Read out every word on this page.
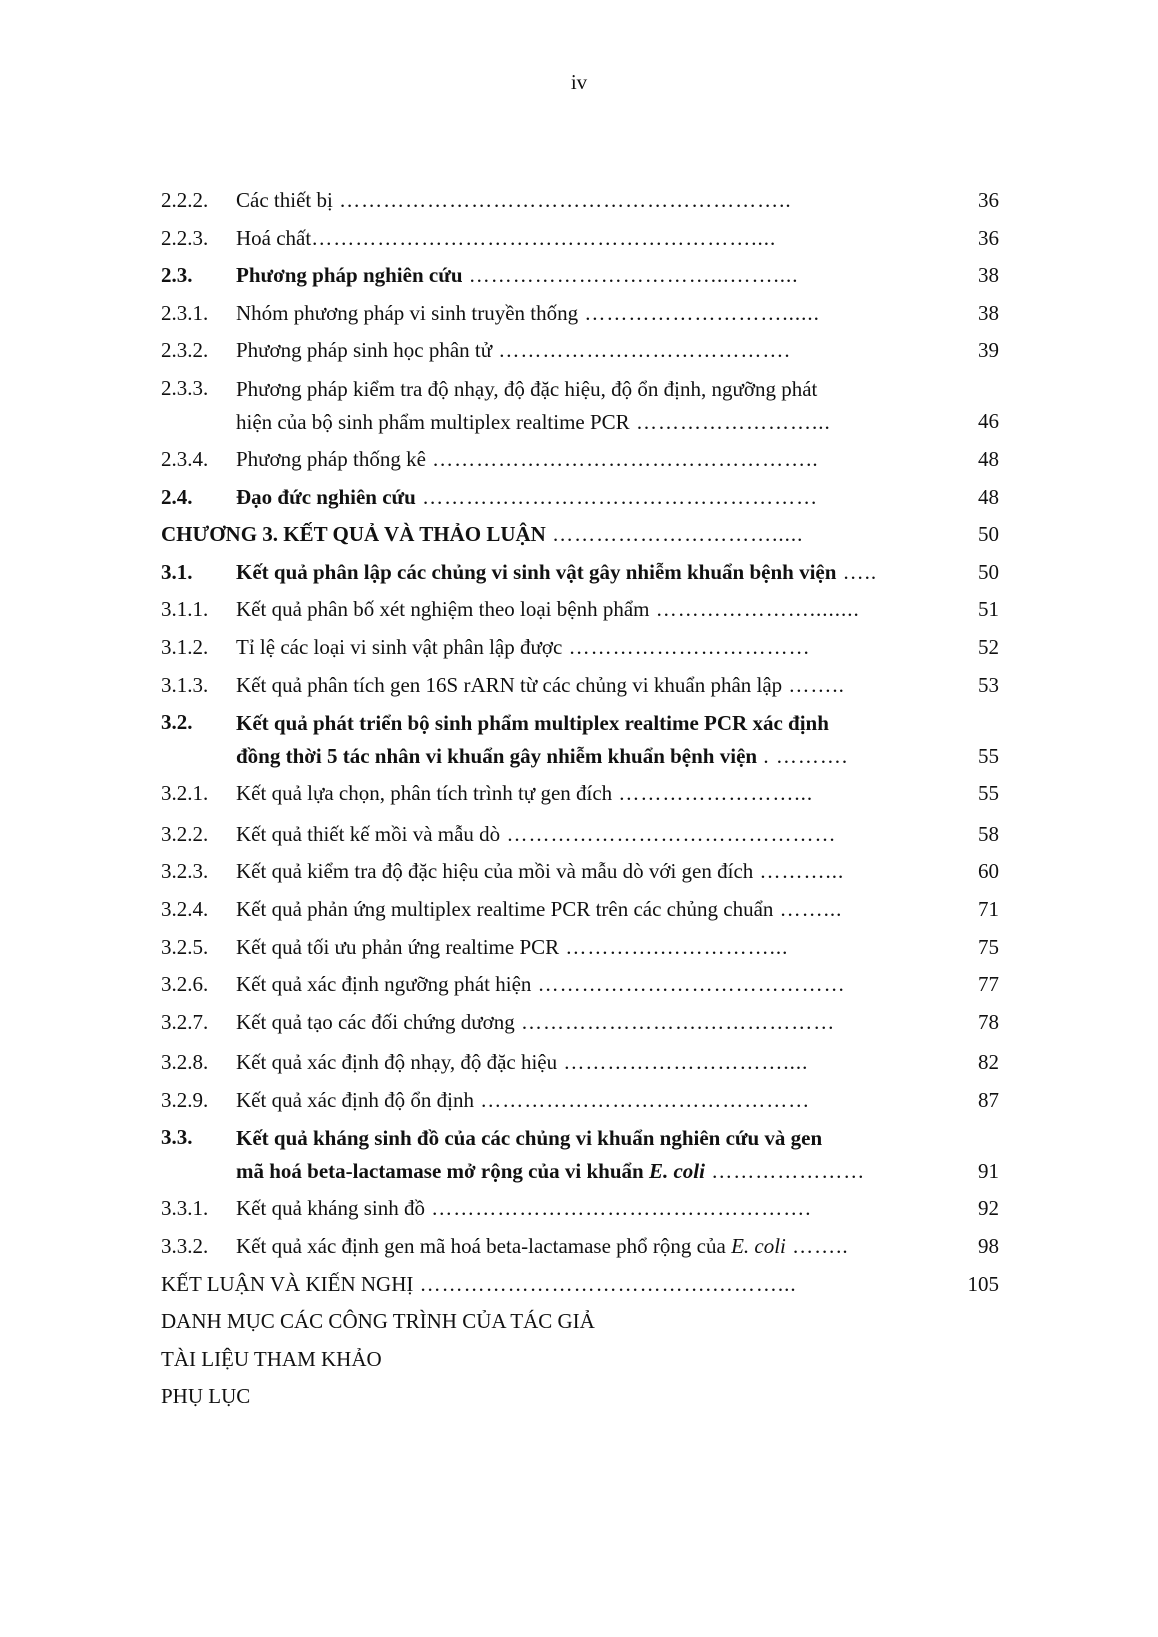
iv
2.2.2. Các thiết bị ……………………………………………………..	36
2.2.3. Hoá chất……………………………………………………....	36
2.3. Phương pháp nghiên cứu ……………………………...……....	38
2.3.1. Nhóm phương pháp vi sinh truyền thống ………………………......	38
2.3.2. Phương pháp sinh học phân tử ………………………………….	39
2.3.3. Phương pháp kiểm tra độ nhạy, độ đặc hiệu, độ ổn định, ngưỡng phát
hiện của bộ sinh phẩm multiplex realtime PCR ……………………...	46
2.3.4. Phương pháp thống kê ……………………………………………..	48
2.4. Đạo đức nghiên cứu ………………………………………………	48
CHƯƠNG 3. KẾT QUẢ VÀ THẢO LUẬN ………………………….....	50
3.1. Kết quả phân lập các chủng vi sinh vật gây nhiễm khuẩn bệnh viện …..	50
3.1.1. Kết quả phân bố xét nghiệm theo loại bệnh phẩm …………………........	51
3.1.2. Tỉ lệ các loại vi sinh vật phân lập được ……………………………	52
3.1.3. Kết quả phân tích gen 16S rARN từ các chủng vi khuẩn phân lập ……..	53
3.2. Kết quả phát triển bộ sinh phẩm multiplex realtime PCR xác định
đồng thời 5 tác nhân vi khuẩn gây nhiễm khuẩn bệnh viện . ……….	55
3.2.1. Kết quả lựa chọn, phân tích trình tự gen đích ……………………...	55
3.2.2. Kết quả thiết kế mồi và mẫu dò ………………………………………	58
3.2.3. Kết quả kiểm tra độ đặc hiệu của mồi và mẫu dò với gen đích ………...	60
3.2.4. Kết quả phản ứng multiplex realtime PCR trên các chủng chuẩn ……...	71
3.2.5. Kết quả tối ưu phản ứng realtime PCR ………….……………...	75
3.2.6. Kết quả xác định ngưỡng phát hiện ……………………………………	77
3.2.7. Kết quả tạo các đối chứng dương …………………….………………	78
3.2.8. Kết quả xác định độ nhạy, độ đặc hiệu …………………………....	82
3.2.9. Kết quả xác định độ ổn định ………………………………………	87
3.3. Kết quả kháng sinh đồ của các chủng vi khuẩn nghiên cứu và gen
mã hoá beta-lactamase mở rộng của vi khuẩn E. coli …………………	91
3.3.1. Kết quả kháng sinh đồ …………………………………………….	92
3.3.2. Kết quả xác định gen mã hoá beta-lactamase phổ rộng của E. coli ……..	98
KẾT LUẬN VÀ KIẾN NGHỊ ………………………………….………...	105
DANH MỤC CÁC CÔNG TRÌNH CỦA TÁC GIẢ
TÀI LIỆU THAM KHẢO
PHỤ LỤC
